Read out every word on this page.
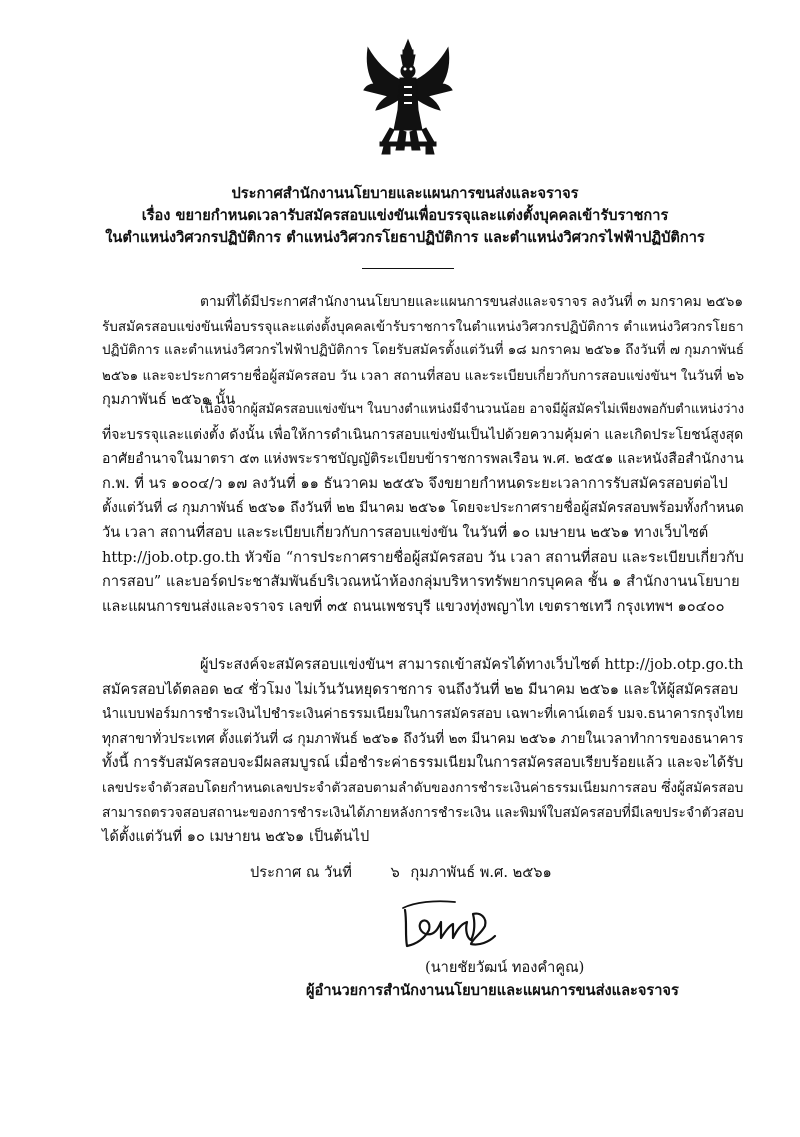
ประกาศสำนักงานนโยบายและแผนการขนส่งและจราจร
เรื่อง ขยายกำหนดเวลารับสมัครสอบแข่งขันเพื่อบรรจุและแต่งตั้งบุคคลเข้ารับราชการ
ในตำแหน่งวิศวกรปฏิบัติการ ตำแหน่งวิศวกรโยธาปฏิบัติการ และตำแหน่งวิศวกรไฟฟ้าปฏิบัติการ
ตามที่ได้มีประกาศสำนักงานนโยบายและแผนการขนส่งและจราจร ลงวันที่ ๓ มกราคม ๒๕๖๑
รับสมัครสอบแข่งขันเพื่อบรรจุและแต่งตั้งบุคคลเข้ารับราชการในตำแหน่งวิศวกรปฏิบัติการ ตำแหน่งวิศวกรโยธา
ปฏิบัติการ และตำแหน่งวิศวกรไฟฟ้าปฏิบัติการ โดยรับสมัครตั้งแต่วันที่ ๑๘ มกราคม ๒๕๖๑ ถึงวันที่ ๗ กุมภาพันธ์
๒๕๖๑ และจะประกาศรายชื่อผู้สมัครสอบ วัน เวลา สถานที่สอบ และระเบียบเกี่ยวกับการสอบแข่งขันฯ ในวันที่ ๒๖
กุมภาพันธ์ ๒๕๖๑ นั้น
เนื่องจากผู้สมัครสอบแข่งขันฯ ในบางตำแหน่งมีจำนวนน้อย อาจมีผู้สมัครไม่เพียงพอกับตำแหน่งว่าง
ที่จะบรรจุและแต่งตั้ง ดังนั้น เพื่อให้การดำเนินการสอบแข่งขันเป็นไปด้วยความคุ้มค่า และเกิดประโยชน์สูงสุด
อาศัยอำนาจในมาตรา ๕๓ แห่งพระราชบัญญัติระเบียบข้าราชการพลเรือน พ.ศ. ๒๕๕๑ และหนังสือสำนักงาน
ก.พ. ที่ นร ๑๐๐๔/ว ๑๗ ลงวันที่ ๑๑ ธันวาคม ๒๕๕๖ จึงขยายกำหนดระยะเวลาการรับสมัครสอบต่อไป
ตั้งแต่วันที่ ๘ กุมภาพันธ์ ๒๕๖๑ ถึงวันที่ ๒๒ มีนาคม ๒๕๖๑ โดยจะประกาศรายชื่อผู้สมัครสอบพร้อมทั้งกำหนด
วัน เวลา สถานที่สอบ และระเบียบเกี่ยวกับการสอบแข่งขัน ในวันที่ ๑๐ เมษายน ๒๕๖๑ ทางเว็บไซต์
http://job.otp.go.th หัวข้อ “การประกาศรายชื่อผู้สมัครสอบ วัน เวลา สถานที่สอบ และระเบียบเกี่ยวกับ
การสอบ” และบอร์ดประชาสัมพันธ์บริเวณหน้าห้องกลุ่มบริหารทรัพยากรบุคคล ชั้น ๑ สำนักงานนโยบาย
และแผนการขนส่งและจราจร เลขที่ ๓๕ ถนนเพชรบุรี แขวงทุ่งพญาไท เขตราชเทวี กรุงเทพฯ ๑๐๔๐๐
ผู้ประสงค์จะสมัครสอบแข่งขันฯ สามารถเข้าสมัครได้ทางเว็บไซต์ http://job.otp.go.th
สมัครสอบได้ตลอด ๒๔ ชั่วโมง ไม่เว้นวันหยุดราชการ จนถึงวันที่ ๒๒ มีนาคม ๒๕๖๑ และให้ผู้สมัครสอบ
นำแบบฟอร์มการชำระเงินไปชำระเงินค่าธรรมเนียมในการสมัครสอบ เฉพาะที่เคาน์เตอร์ บมจ.ธนาคารกรุงไทย
ทุกสาขาทั่วประเทศ ตั้งแต่วันที่ ๘ กุมภาพันธ์ ๒๕๖๑ ถึงวันที่ ๒๓ มีนาคม ๒๕๖๑ ภายในเวลาทำการของธนาคาร
ทั้งนี้ การรับสมัครสอบจะมีผลสมบูรณ์ เมื่อชำระค่าธรรมเนียมในการสมัครสอบเรียบร้อยแล้ว และจะได้รับ
เลขประจำตัวสอบโดยกำหนดเลขประจำตัวสอบตามลำดับของการชำระเงินค่าธรรมเนียมการสอบ ซึ่งผู้สมัครสอบ
สามารถตรวจสอบสถานะของการชำระเงินได้ภายหลังการชำระเงิน และพิมพ์ใบสมัครสอบที่มีเลขประจำตัวสอบ
ได้ตั้งแต่วันที่ ๑๐ เมษายน ๒๕๖๑ เป็นต้นไป
ประกาศ ณ วันที่	๖ กุมภาพันธ์ พ.ศ. ๒๕๖๑
(นายชัยวัฒน์ ทองคำคูณ)
ผู้อำนวยการสำนักงานนโยบายและแผนการขนส่งและจราจร
